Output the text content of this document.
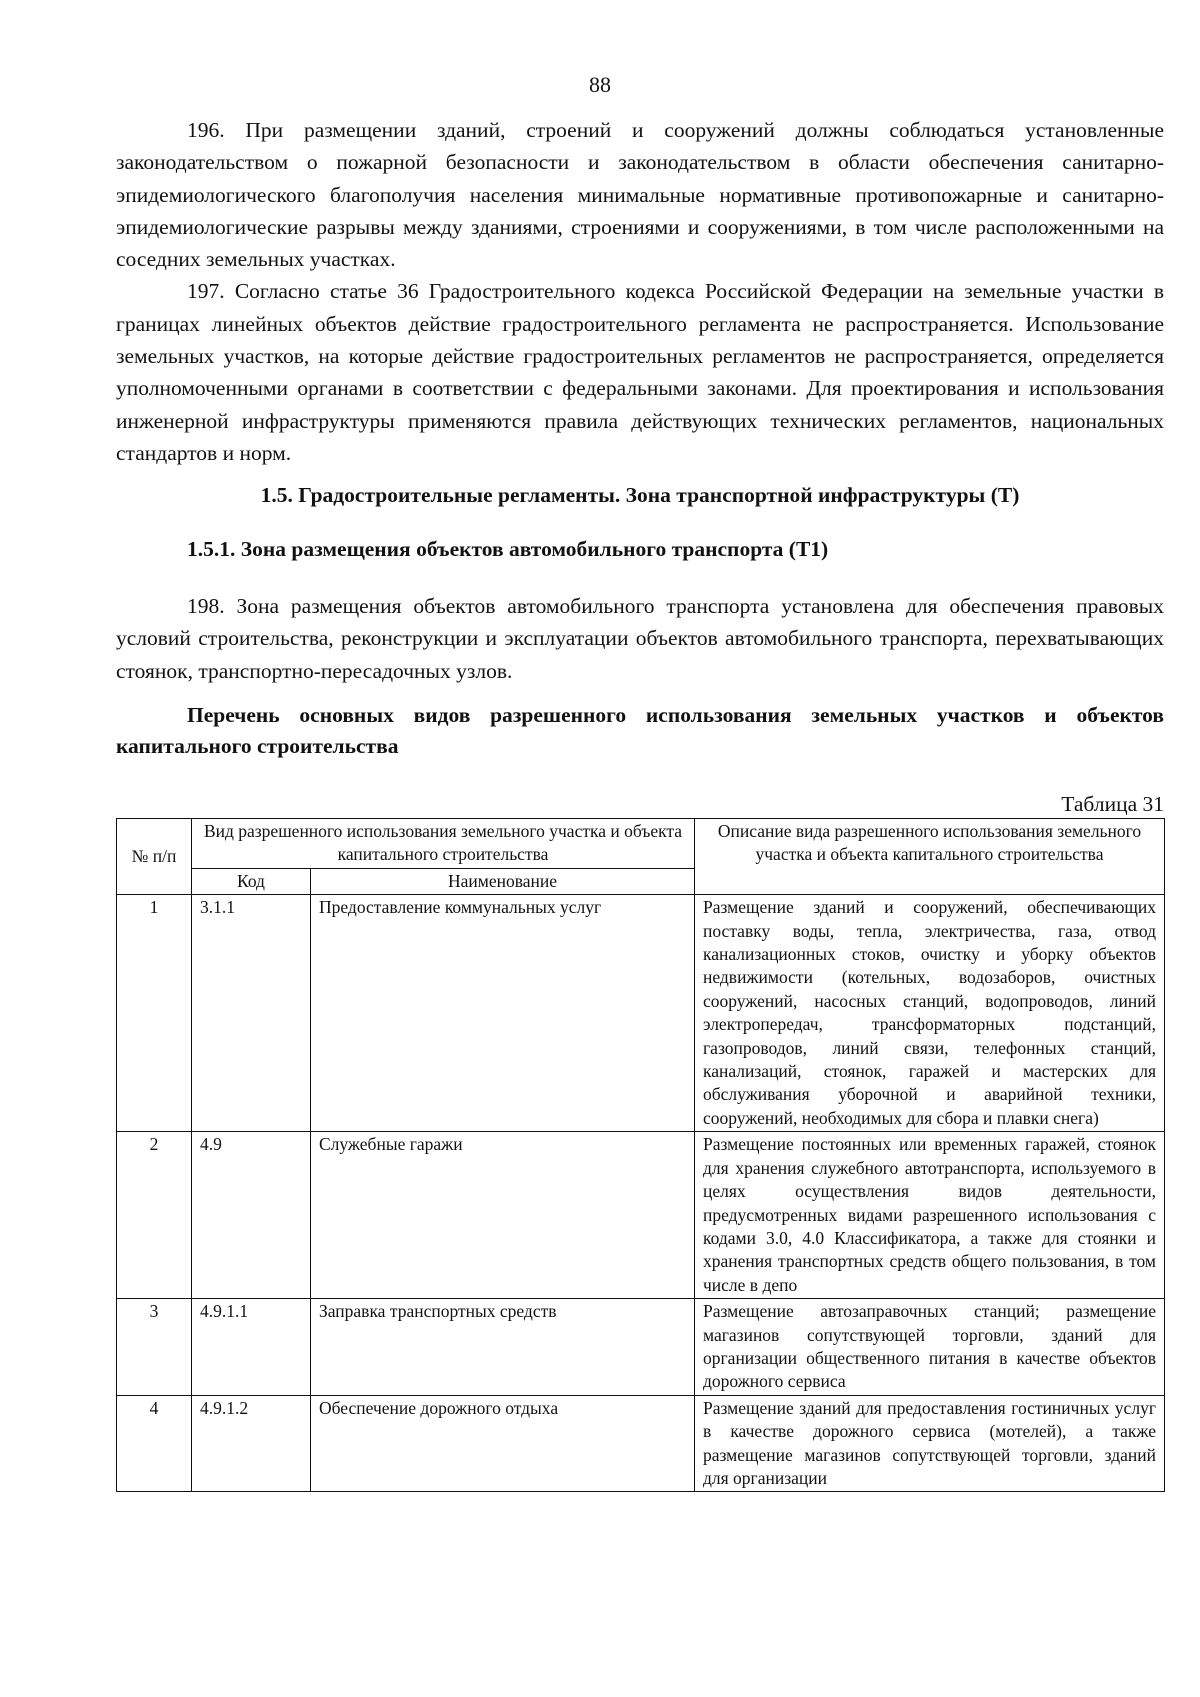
88

196. При размещении зданий, строений и сооружений должны соблюдаться установленные законодательством о пожарной безопасности и законодательством в области обеспечения санитарно-эпидемиологического благополучия населения минимальные нормативные противопожарные и санитарно-эпидемиологические разрывы между зданиями, строениями и сооружениями, в том числе расположенными на соседних земельных участках.

197. Согласно статье 36 Градостроительного кодекса Российской Федерации на земельные участки в границах линейных объектов действие градостроительного регламента не распространяется. Использование земельных участков, на которые действие градостроительных регламентов не распространяется, определяется уполномоченными органами в соответствии с федеральными законами. Для проектирования и использования инженерной инфраструктуры применяются правила действующих технических регламентов, национальных стандартов и норм.

1.5. Градостроительные регламенты. Зона транспортной инфраструктуры (Т)
1.5.1. Зона размещения объектов автомобильного транспорта (Т1)

198. Зона размещения объектов автомобильного транспорта установлена для обеспечения правовых условий строительства, реконструкции и эксплуатации объектов автомобильного транспорта, перехватывающих стоянок, транспортно-пересадочных узлов.

Перечень основных видов разрешенного использования земельных участков и объектов капитального строительства
Таблица 31
№ п/п	Вид разрешенного использования земельного участка и объекта капитального строительства		Описание вида разрешенного использования земельного участка и объекта капитального строительства
	Код	Наименование	
1	3.1.1	Предоставление коммунальных услуг	Размещение зданий и сооружений, обеспечивающих поставку воды, тепла, электричества, газа, отвод канализационных стоков, очистку и уборку объектов недвижимости (котельных, водозаборов, очистных сооружений, насосных станций, водопроводов, линий электропередач, трансформаторных подстанций, газопроводов, линий связи, телефонных станций, канализаций, стоянок, гаражей и мастерских для обслуживания уборочной и аварийной техники, сооружений, необходимых для сбора и плавки снега)
2	4.9	Служебные гаражи	Размещение постоянных или временных гаражей, стоянок для хранения служебного автотранспорта, используемого в целях осуществления видов деятельности, предусмотренных видами разрешенного использования с кодами 3.0, 4.0 Классификатора, а также для стоянки и хранения транспортных средств общего пользования, в том числе в депо
3	4.9.1.1	Заправка транспортных средств	Размещение автозаправочных станций; размещение магазинов сопутствующей торговли, зданий для организации общественного питания в качестве объектов дорожного сервиса
4	4.9.1.2	Обеспечение дорожного отдыха	Размещение зданий для предоставления гостиничных услуг в качестве дорожного сервиса (мотелей), а также размещение магазинов сопутствующей торговли, зданий для организации
